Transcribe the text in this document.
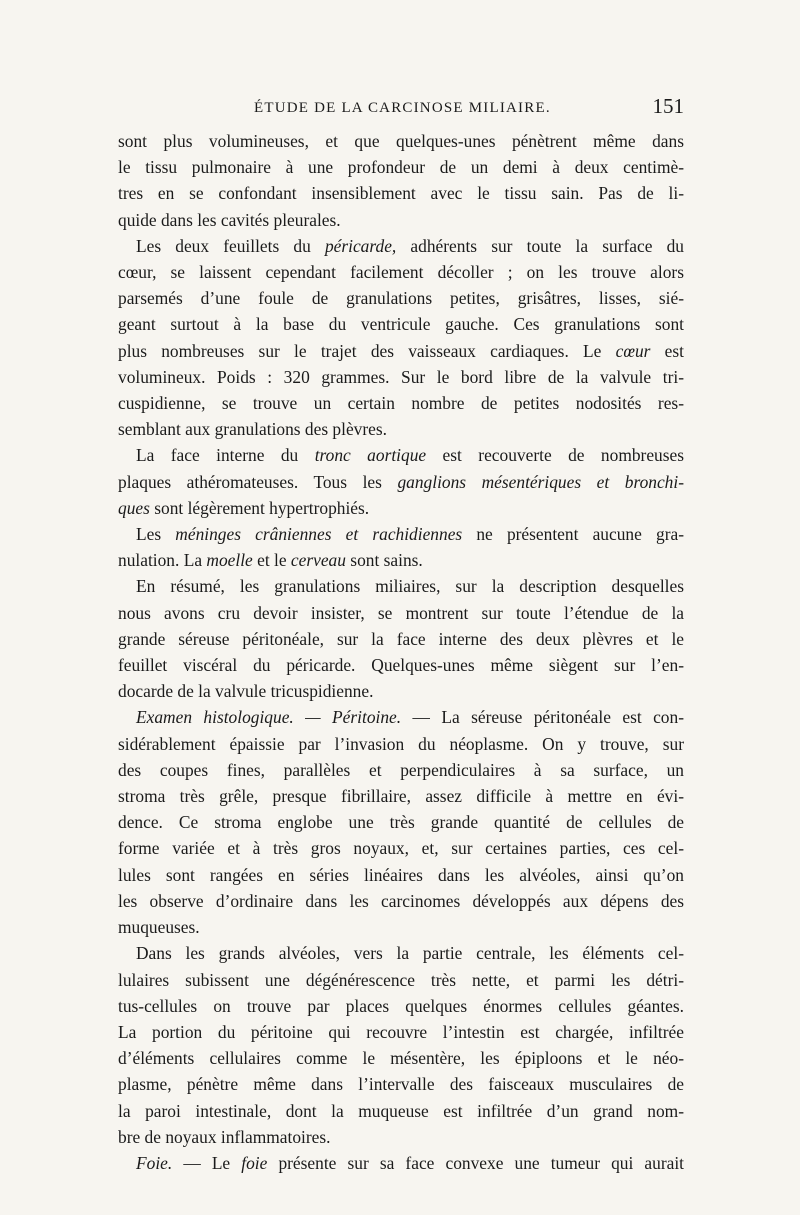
ÉTUDE DE LA CARCINOSE MILIAIRE.	151
sont plus volumineuses, et que quelques-unes pénètrent même dans
le tissu pulmonaire à une profondeur de un demi à deux centimè-
tres en se confondant insensiblement avec le tissu sain. Pas de li-
quide dans les cavités pleurales.
Les deux feuillets du péricarde, adhérents sur toute la surface du
cœur, se laissent cependant facilement décoller ; on les trouve alors
parsemés d’une foule de granulations petites, grisâtres, lisses, sié-
geant surtout à la base du ventricule gauche. Ces granulations sont
plus nombreuses sur le trajet des vaisseaux cardiaques. Le cœur est
volumineux. Poids : 320 grammes. Sur le bord libre de la valvule tri-
cuspidienne, se trouve un certain nombre de petites nodosités res-
semblant aux granulations des plèvres.
La face interne du tronc aortique est recouverte de nombreuses
plaques athéromateuses. Tous les ganglions mésentériques et bronchi-
ques sont légèrement hypertrophiés.
Les méninges crâniennes et rachidiennes ne présentent aucune gra-
nulation. La moelle et le cerveau sont sains.
En résumé, les granulations miliaires, sur la description desquelles
nous avons cru devoir insister, se montrent sur toute l’étendue de la
grande séreuse péritonéale, sur la face interne des deux plèvres et le
feuillet viscéral du péricarde. Quelques-unes même siègent sur l’en-
docarde de la valvule tricuspidienne.
Examen histologique. — Péritoine. — La séreuse péritonéale est con-
sidérablement épaissie par l’invasion du néoplasme. On y trouve, sur
des coupes fines, parallèles et perpendiculaires à sa surface, un
stroma très grêle, presque fibrillaire, assez difficile à mettre en évi-
dence. Ce stroma englobe une très grande quantité de cellules de
forme variée et à très gros noyaux, et, sur certaines parties, ces cel-
lules sont rangées en séries linéaires dans les alvéoles, ainsi qu’on
les observe d’ordinaire dans les carcinomes développés aux dépens des
muqueuses.
Dans les grands alvéoles, vers la partie centrale, les éléments cel-
lulaires subissent une dégénérescence très nette, et parmi les détri-
tus-cellules on trouve par places quelques énormes cellules géantes.
La portion du péritoine qui recouvre l’intestin est chargée, infiltrée
d’éléments cellulaires comme le mésentère, les épiploons et le néo-
plasme, pénètre même dans l’intervalle des faisceaux musculaires de
la paroi intestinale, dont la muqueuse est infiltrée d’un grand nom-
bre de noyaux inflammatoires.
Foie. — Le foie présente sur sa face convexe une tumeur qui aurait
